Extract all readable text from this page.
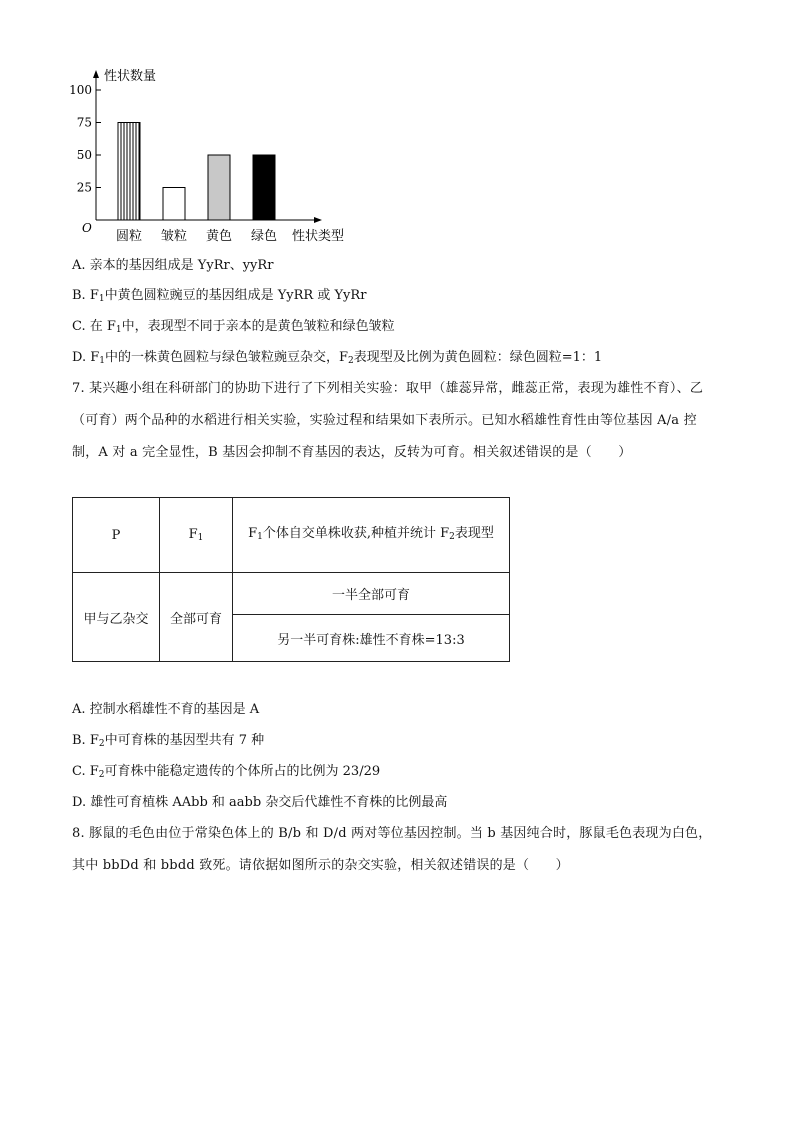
25
50
75
100
性状数量
性状类型
O
圆粒 皱粒 黄色 绿色
A. 亲本的基因组成是 YyRr、yyRr
B. $F_1$中黄色圆粒豌豆的基因组成是 YyRR 或 YyRr
C. 在 $F_1$中，表现型不同于亲本的是黄色皱粒和绿色皱粒
D. $F_1$中的一株黄色圆粒与绿色皱粒豌豆杂交，$F_2$表现型及比例为黄色圆粒：绿色圆粒=1：1
7. 某兴趣小组在科研部门的协助下进行了下列相关实验：取甲（雄蕊异常，雌蕊正常，表现为雄性不育）、乙（可育）两个品种的水稻进行相关实验，实验过程和结果如下表所示。已知水稻雄性育性由等位基因 A/a 控制，A 对 a 完全显性，B 基因会抑制不育基因的表达，反转为可育。相关叙述错误的是（　　）
P	$F_1$	$F_1$个体自交单株收获,种植并统计 $F_2$表现型
甲与乙杂交	全部可育	一半全部可育
		另一半可育株:雄性不育株=13:3
A. 控制水稻雄性不育的基因是 A
B. $F_2$中可育株的基因型共有 7 种
C. $F_2$可育株中能稳定遗传的个体所占的比例为 23/29
D. 雄性可育植株 AAbb 和 aabb 杂交后代雄性不育株的比例最高
8. 豚鼠的毛色由位于常染色体上的 B/b 和 D/d 两对等位基因控制。当 b 基因纯合时，豚鼠毛色表现为白色，其中 bbDd 和 bbdd 致死。请依据如图所示的杂交实验，相关叙述错误的是（　　）
